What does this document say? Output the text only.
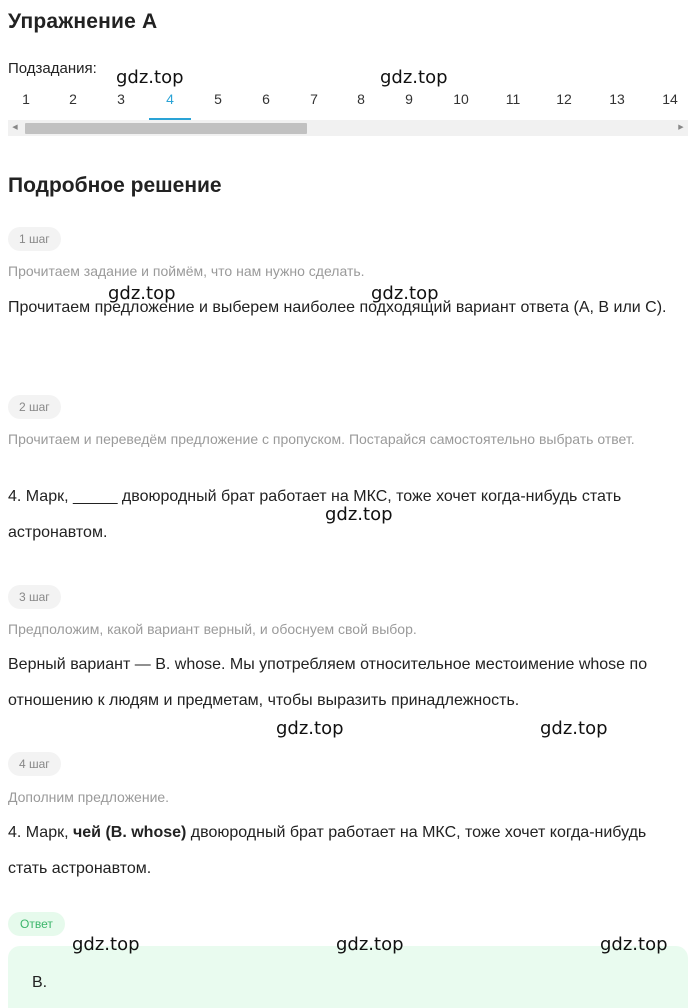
Упражнение A
Подзадания:
1	2	3	4	5	6	7	8	9	10	11	12	13	14
◀	▶
Подробное решение
1 шаг
Прочитаем задание и поймём, что нам нужно сделать.
Прочитаем предложение и выберем наиболее подходящий вариант ответа (A, B или C).
2 шаг
Прочитаем и переведём предложение с пропуском. Постарайся самостоятельно выбрать ответ.
4. Марк, _____ двоюродный брат работает на МКС, тоже хочет когда-нибудь стать астронавтом.
3 шаг
Предположим, какой вариант верный, и обоснуем свой выбор.
Верный вариант — B. whose. Мы употребляем относительное местоимение whose по отношению к людям и предметам, чтобы выразить принадлежность.
4 шаг
Дополним предложение.
4. Марк, чей (B. whose) двоюродный брат работает на МКС, тоже хочет когда-нибудь стать астронавтом.
Ответ
B.
gdz.top	gdz.top
gdz.top	gdz.top
gdz.top
gdz.top	gdz.top
gdz.top	gdz.top	gdz.top
